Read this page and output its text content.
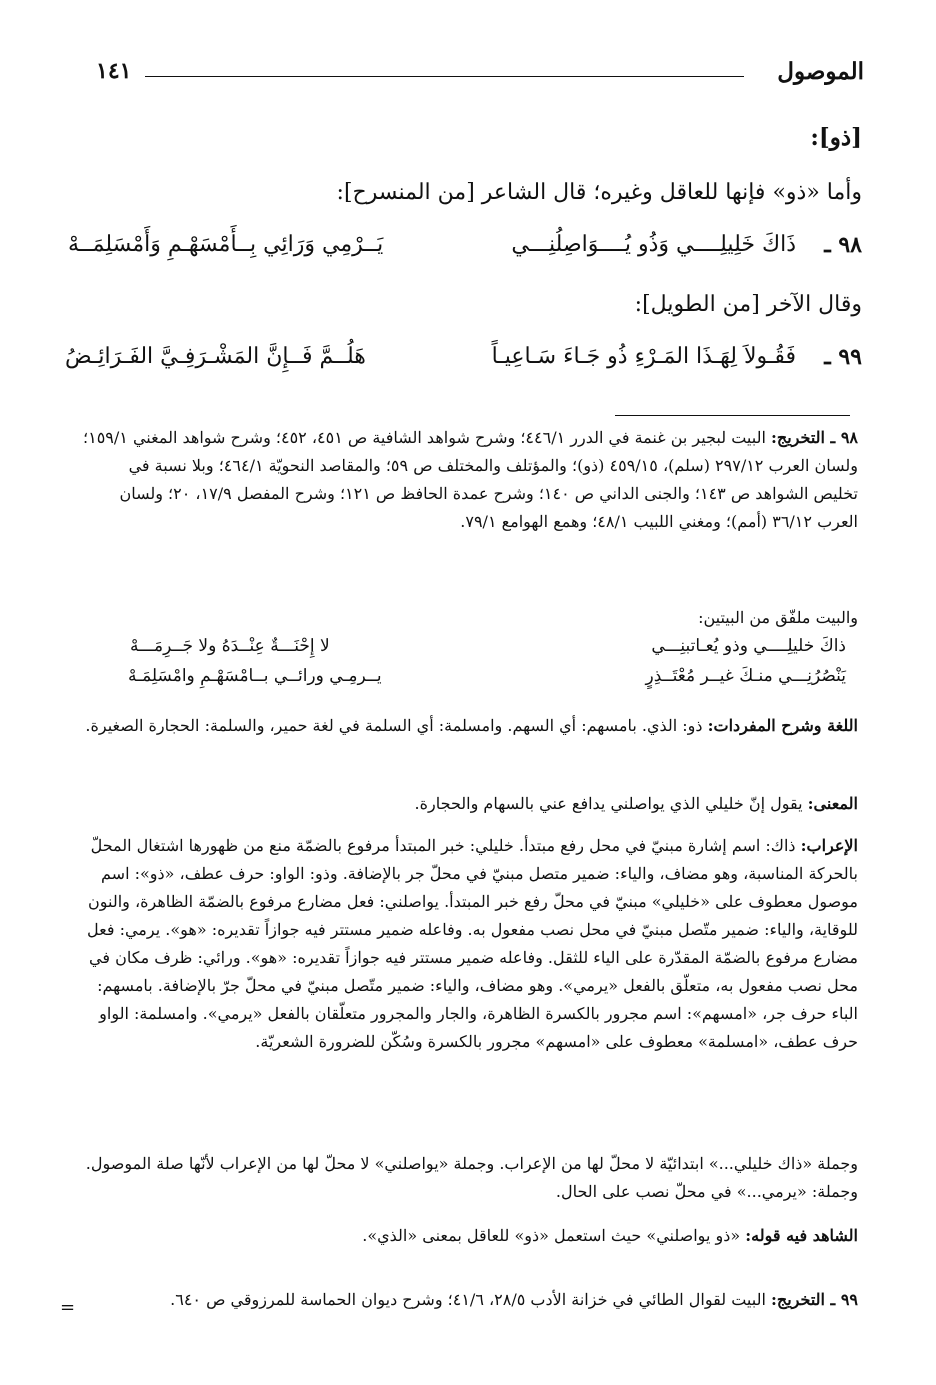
الموصول
١٤١
[ذو]:
وأما «ذو» فإنها للعاقل وغيره؛ قال الشاعر [من المنسرح]:
٩٨ ـ
ذَاكَ خَلِيلِــــي وَذُو يُــــوَاصِلُنِـــي
يَــرْمِي وَرَائِي بِــأَمْسَهْـمِ وَأَمْسَلِمَــهْ
وقال الآخر [من الطويل]:
٩٩ ـ
فَقُـولاَ لِهَـذَا المَـرْءِ ذُو جَـاءَ سَـاعِيـاً
هَلُــمَّ فَــإِنَّ المَشْـرَفِـيَّ الفَـرَائِـضُ
٩٨ ـ التخريج: البيت لبجير بن غنمة في الدرر ٤٤٦/١؛ وشرح شواهد الشافية ص ٤٥١، ٤٥٢؛ وشرح شواهد المغني ١٥٩/١؛ ولسان العرب ٢٩٧/١٢ (سلم)، ٤٥٩/١٥ (ذو)؛ والمؤتلف والمختلف ص ٥٩؛ والمقاصد النحويّة ٤٦٤/١؛ وبلا نسبة في تخليص الشواهد ص ١٤٣؛ والجنى الداني ص ١٤٠؛ وشرح عمدة الحافظ ص ١٢١؛ وشرح المفصل ١٧/٩، ٢٠؛ ولسان العرب ٣٦/١٢ (أمم)؛ ومغني اللبيب ٤٨/١؛ وهمع الهوامع ٧٩/١.
والبيت ملفّق من البيتين:
ذاكَ خليلِــــي وذو يُعـاتبنِـــي
لا إِحْنَـــةٌ عِنْــدَهُ ولا جَــرِمَـــهْ
يَنْصُرُنِـــي منـكَ غيــر مُعْتَــذِرٍ
يــرمِـي ورائــي بــامْسَهْـمِ وامْسَلِمَـهْ
اللغة وشرح المفردات: ذو: الذي. بامسهم: أي السهم. وامسلمة: أي السلمة في لغة حمير، والسلمة: الحجارة الصغيرة.
المعنى: يقول إنّ خليلي الذي يواصلني يدافع عني بالسهام والحجارة.
الإعراب: ذاك: اسم إشارة مبنيّ في محل رفع مبتدأ. خليلي: خبر المبتدأ مرفوع بالضمّة منع من ظهورها اشتغال المحلّ بالحركة المناسبة، وهو مضاف، والياء: ضمير متصل مبنيّ في محلّ جر بالإضافة. وذو: الواو: حرف عطف، «ذو»: اسم موصول معطوف على «خليلي» مبنيّ في محلّ رفع خبر المبتدأ. يواصلني: فعل مضارع مرفوع بالضمّة الظاهرة، والنون للوقاية، والياء: ضمير متّصل مبنيّ في محل نصب مفعول به. وفاعله ضمير مستتر فيه جوازاً تقديره: «هو». يرمي: فعل مضارع مرفوع بالضمّة المقدّرة على الياء للثقل. وفاعله ضمير مستتر فيه جوازاً تقديره: «هو». ورائي: ظرف مكان في محل نصب مفعول به، متعلّق بالفعل «يرمي». وهو مضاف، والياء: ضمير متّصل مبنيّ في محلّ جرّ بالإضافة. بامسهم: الباء حرف جر، «امسهم»: اسم مجرور بالكسرة الظاهرة، والجار والمجرور متعلّقان بالفعل «يرمي». وامسلمة: الواو حرف عطف، «امسلمة» معطوف على «امسهم» مجرور بالكسرة وسُكّن للضرورة الشعريّة.
وجملة «ذاك خليلي...» ابتدائيّة لا محلّ لها من الإعراب. وجملة «يواصلني» لا محلّ لها من الإعراب لأنّها صلة الموصول. وجملة: «يرمي...» في محلّ نصب على الحال.
الشاهد فيه قوله: «ذو يواصلني» حيث استعمل «ذو» للعاقل بمعنى «الذي».
٩٩ ـ التخريج: البيت لقوال الطائي في خزانة الأدب ٢٨/٥، ٤١/٦؛ وشرح ديوان الحماسة للمرزوقي ص ٦٤٠.
=
